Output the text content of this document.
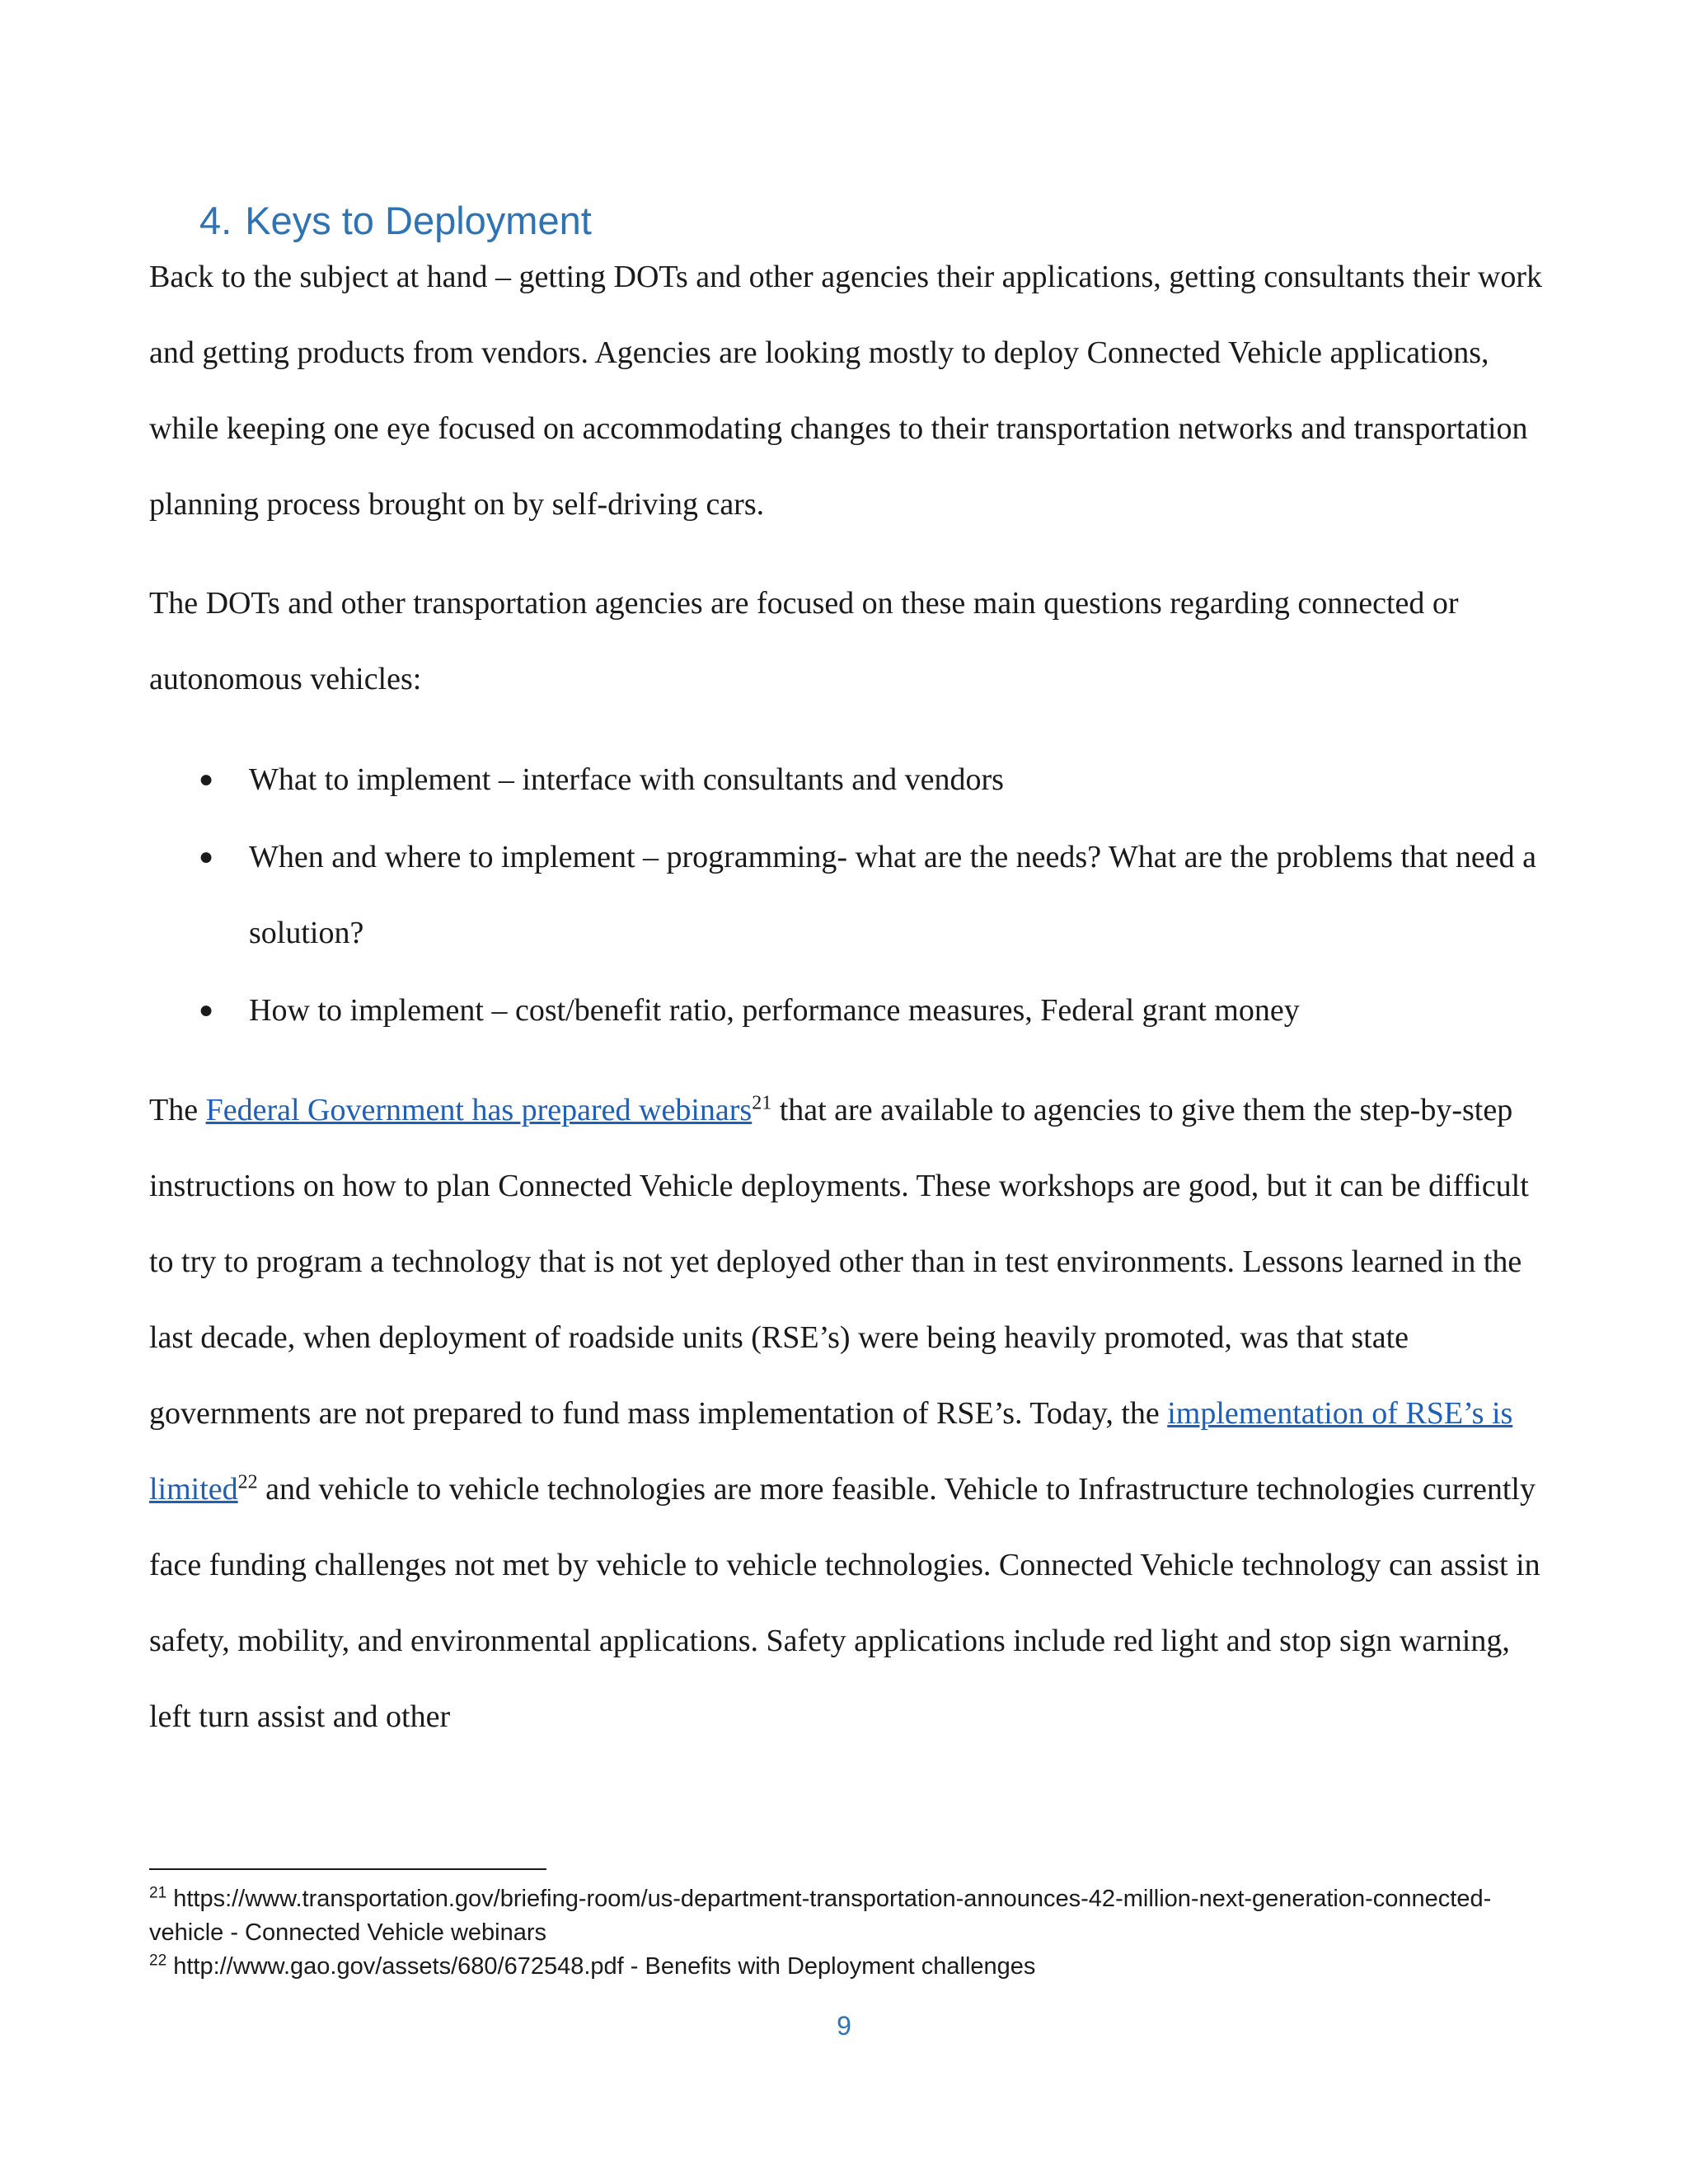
4. Keys to Deployment

Back to the subject at hand – getting DOTs and other agencies their applications, getting consultants their work and getting products from vendors. Agencies are looking mostly to deploy Connected Vehicle applications, while keeping one eye focused on accommodating changes to their transportation networks and transportation planning process brought on by self-driving cars.

The DOTs and other transportation agencies are focused on these main questions regarding connected or autonomous vehicles:

● What to implement – interface with consultants and vendors
● When and where to implement – programming- what are the needs? What are the problems that need a solution?
● How to implement – cost/benefit ratio, performance measures, Federal grant money

The Federal Government has prepared webinars$^{21}$ that are available to agencies to give them the step-by-step instructions on how to plan Connected Vehicle deployments. These workshops are good, but it can be difficult to try to program a technology that is not yet deployed other than in test environments. Lessons learned in the last decade, when deployment of roadside units (RSE’s) were being heavily promoted, was that state governments are not prepared to fund mass implementation of RSE’s. Today, the implementation of RSE’s is limited$^{22}$ and vehicle to vehicle technologies are more feasible. Vehicle to Infrastructure technologies currently face funding challenges not met by vehicle to vehicle technologies. Connected Vehicle technology can assist in safety, mobility, and environmental applications. Safety applications include red light and stop sign warning, left turn assist and other

$^{21}$ https://www.transportation.gov/briefing-room/us-department-transportation-announces-42-million-next-generation-connected-vehicle - Connected Vehicle webinars

$^{22}$ http://www.gao.gov/assets/680/672548.pdf - Benefits with Deployment challenges

9
